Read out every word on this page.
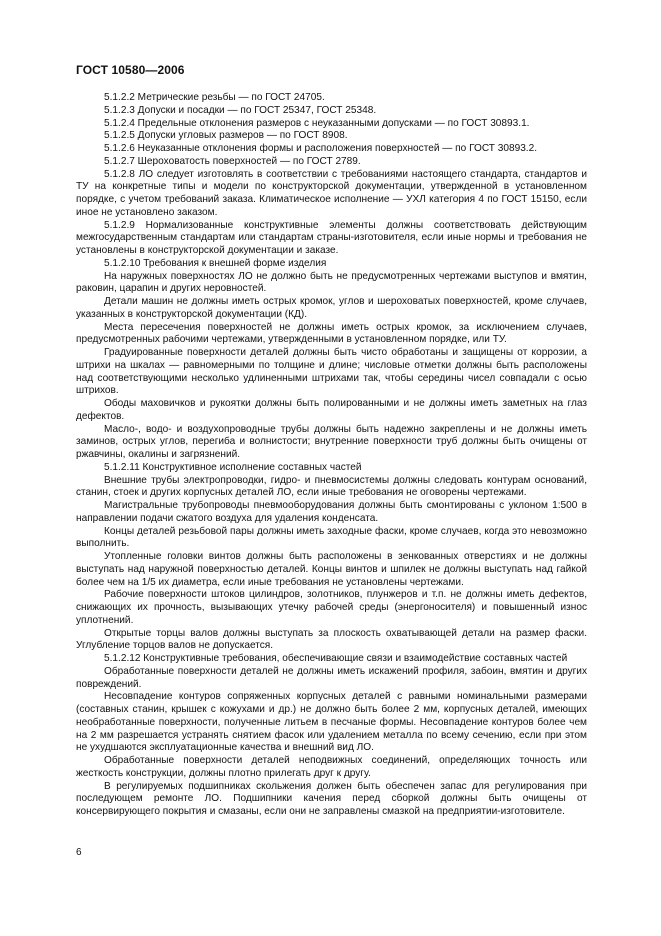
ГОСТ 10580—2006

5.1.2.2 Метрические резьбы — по ГОСТ 24705.

5.1.2.3 Допуски и посадки — по ГОСТ 25347, ГОСТ 25348.

5.1.2.4 Предельные отклонения размеров с неуказанными допусками — по ГОСТ 30893.1.

5.1.2.5 Допуски угловых размеров — по ГОСТ 8908.

5.1.2.6 Неуказанные отклонения формы и расположения поверхностей — по ГОСТ 30893.2.

5.1.2.7 Шероховатость поверхностей — по ГОСТ 2789.

5.1.2.8 ЛО следует изготовлять в соответствии с требованиями настоящего стандарта, стандартов и ТУ на конкретные типы и модели по конструкторской документации, утвержденной в установленном порядке, с учетом требований заказа. Климатическое исполнение — УХЛ категория 4 по ГОСТ 15150, если иное не установлено заказом.

5.1.2.9 Нормализованные конструктивные элементы должны соответствовать действующим межгосударственным стандартам или стандартам страны-изготовителя, если иные нормы и требования не установлены в конструкторской документации и заказе.

5.1.2.10 Требования к внешней форме изделия

На наружных поверхностях ЛО не должно быть не предусмотренных чертежами выступов и вмятин, раковин, царапин и других неровностей.

Детали машин не должны иметь острых кромок, углов и шероховатых поверхностей, кроме случаев, указанных в конструкторской документации (КД).

Места пересечения поверхностей не должны иметь острых кромок, за исключением случаев, предусмотренных рабочими чертежами, утвержденными в установленном порядке, или ТУ.

Градуированные поверхности деталей должны быть чисто обработаны и защищены от коррозии, а штрихи на шкалах — равномерными по толщине и длине; числовые отметки должны быть расположены над соответствующими несколько удлиненными штрихами так, чтобы середины чисел совпадали с осью штрихов.

Ободы маховичков и рукоятки должны быть полированными и не должны иметь заметных на глаз дефектов.

Масло-, водо- и воздухопроводные трубы должны быть надежно закреплены и не должны иметь заминов, острых углов, перегиба и волнистости; внутренние поверхности труб должны быть очищены от ржавчины, окалины и загрязнений.

5.1.2.11 Конструктивное исполнение составных частей

Внешние трубы электропроводки, гидро- и пневмосистемы должны следовать контурам оснований, станин, стоек и других корпусных деталей ЛО, если иные требования не оговорены чертежами.

Магистральные трубопроводы пневмооборудования должны быть смонтированы с уклоном 1:500 в направлении подачи сжатого воздуха для удаления конденсата.

Концы деталей резьбовой пары должны иметь заходные фаски, кроме случаев, когда это невозможно выполнить.

Утопленные головки винтов должны быть расположены в зенкованных отверстиях и не должны выступать над наружной поверхностью деталей. Концы винтов и шпилек не должны выступать над гайкой более чем на 1/5 их диаметра, если иные требования не установлены чертежами.

Рабочие поверхности штоков цилиндров, золотников, плунжеров и т.п. не должны иметь дефектов, снижающих их прочность, вызывающих утечку рабочей среды (энергоносителя) и повышенный износ уплотнений.

Открытые торцы валов должны выступать за плоскость охватывающей детали на размер фаски. Углубление торцов валов не допускается.

5.1.2.12 Конструктивные требования, обеспечивающие связи и взаимодействие составных частей

Обработанные поверхности деталей не должны иметь искажений профиля, забоин, вмятин и других повреждений.

Несовпадение контуров сопряженных корпусных деталей с равными номинальными размерами (составных станин, крышек с кожухами и др.) не должно быть более 2 мм, корпусных деталей, имеющих необработанные поверхности, полученные литьем в песчаные формы. Несовпадение контуров более чем на 2 мм разрешается устранять снятием фасок или удалением металла по всему сечению, если при этом не ухудшаются эксплуатационные качества и внешний вид ЛО.

Обработанные поверхности деталей неподвижных соединений, определяющих точность или жесткость конструкции, должны плотно прилегать друг к другу.

В регулируемых подшипниках скольжения должен быть обеспечен запас для регулирования при последующем ремонте ЛО. Подшипники качения перед сборкой должны быть очищены от консервирующего покрытия и смазаны, если они не заправлены смазкой на предприятии-изготовителе.

6
